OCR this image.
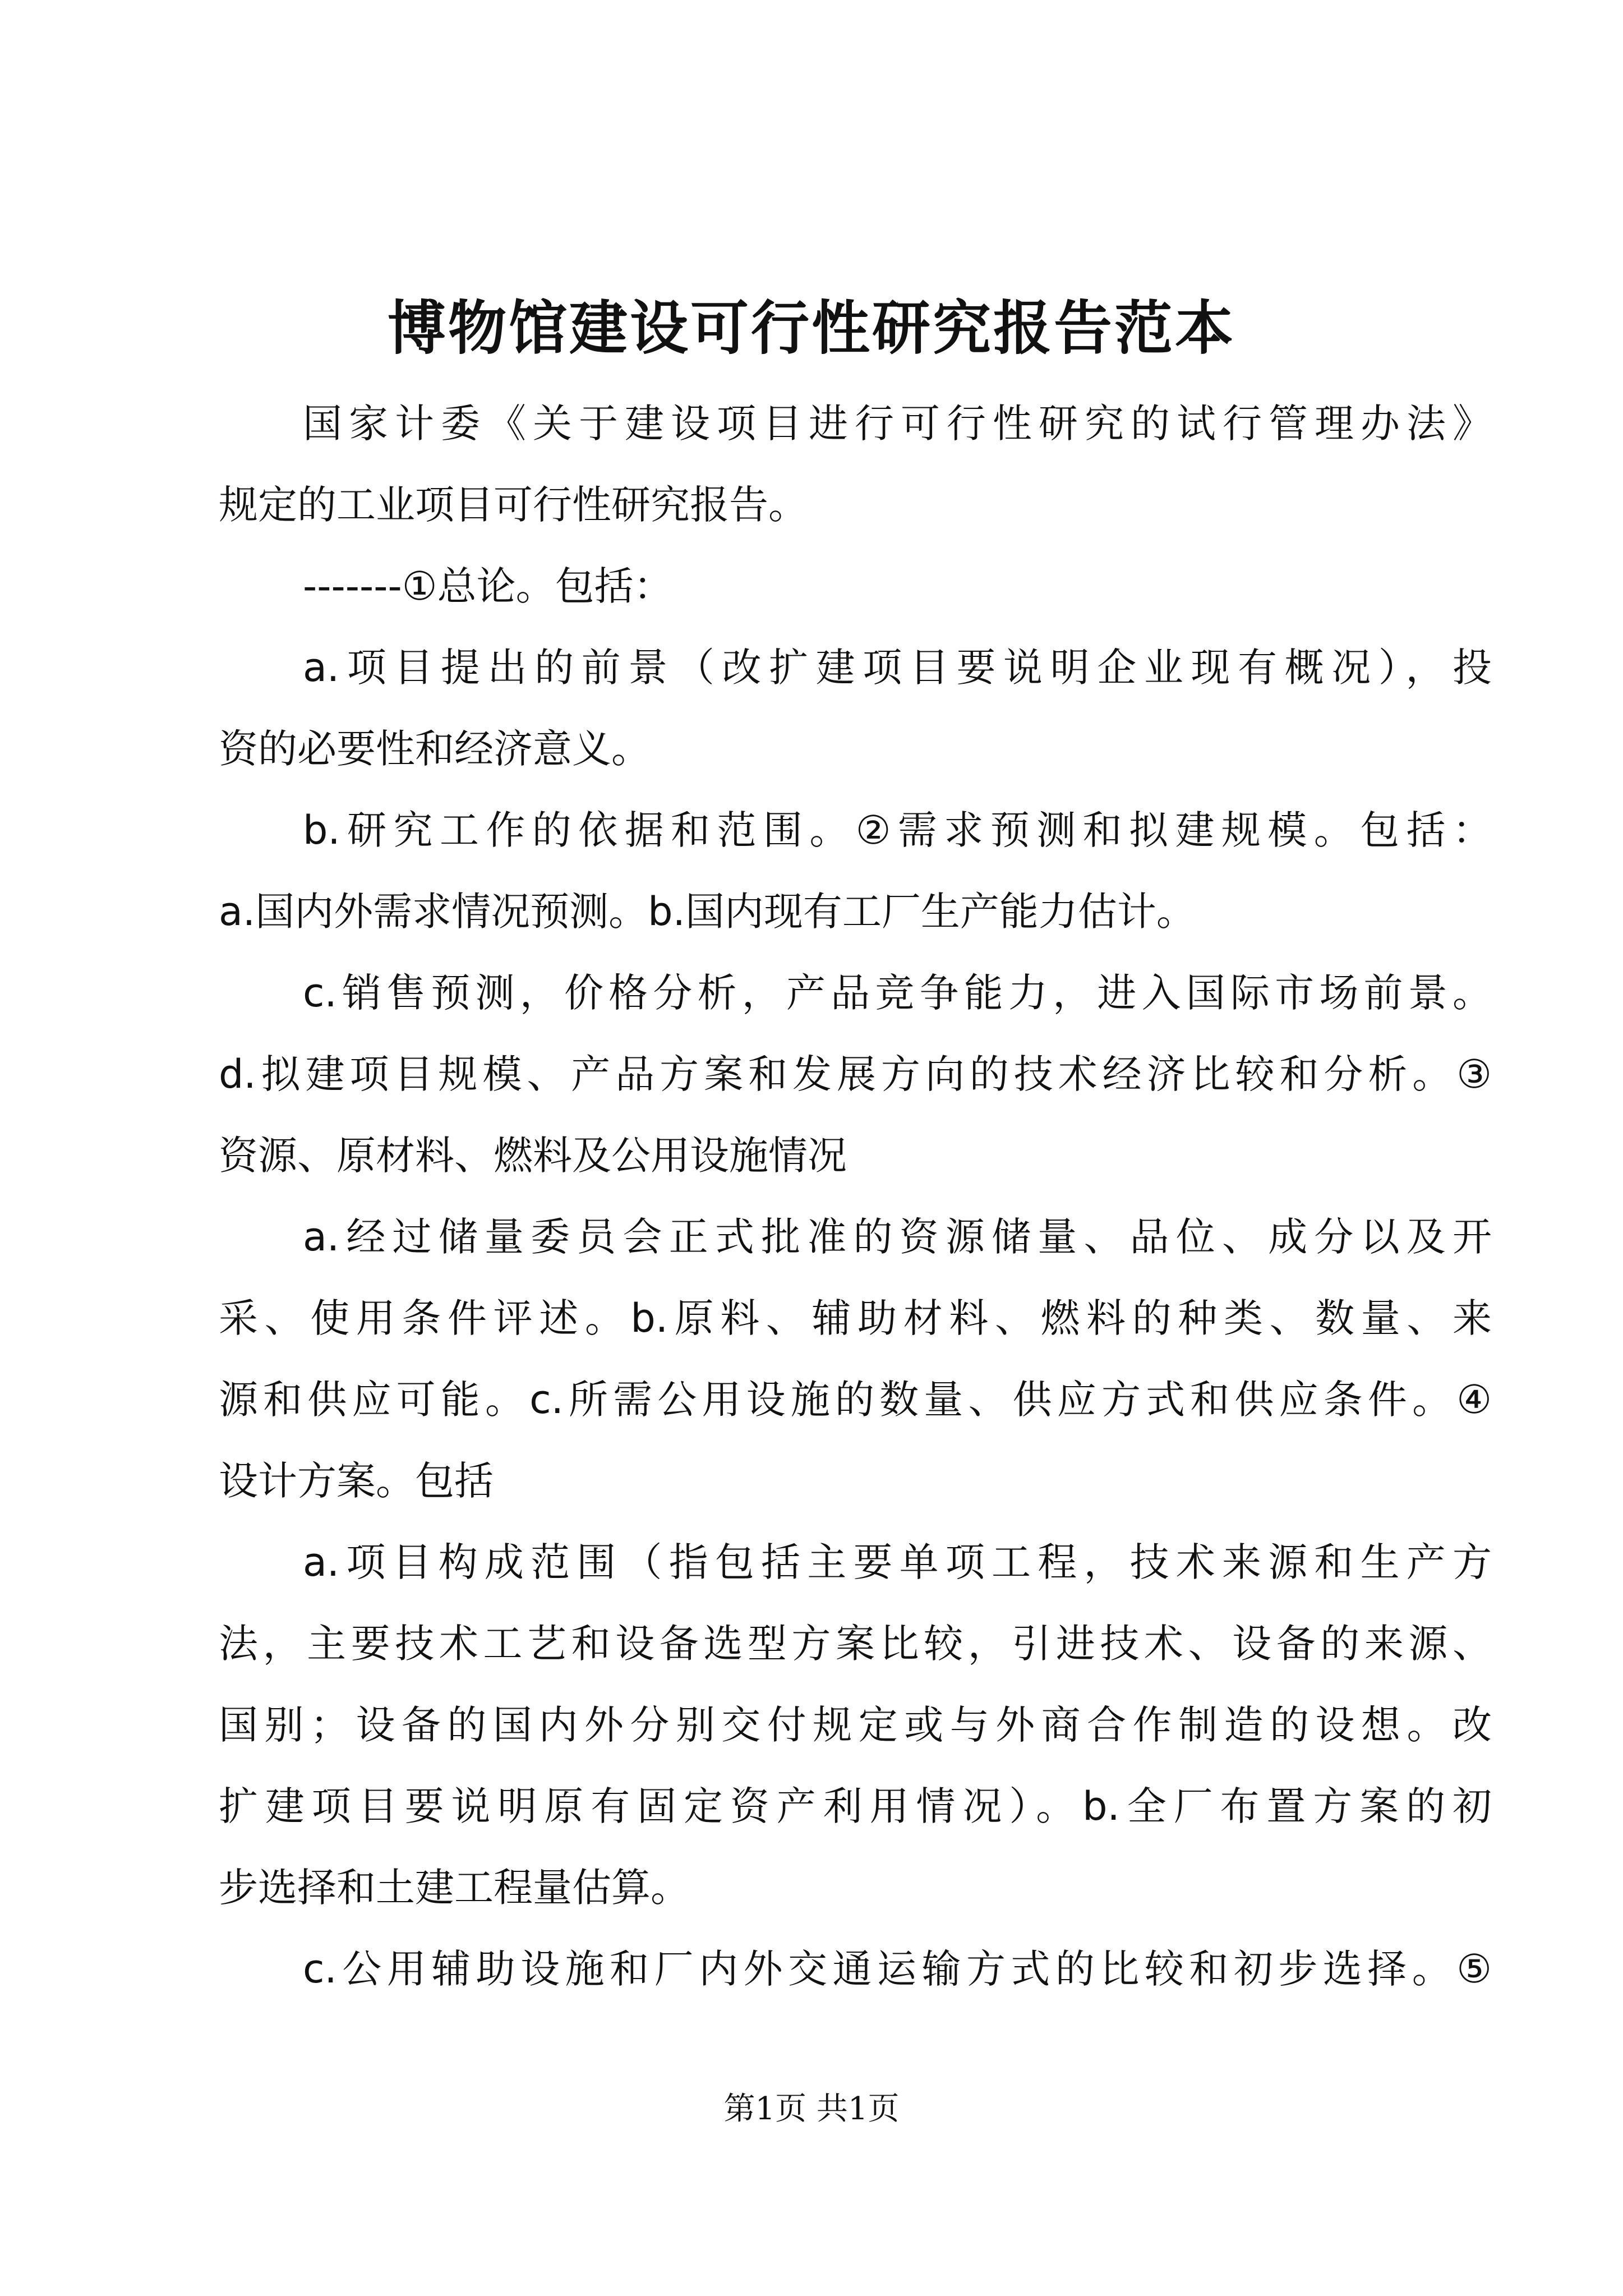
博物馆建设可行性研究报告范本
国家计委《关于建设项目进行可行性研究的试行管理办法》
规定的工业项目可行性研究报告。
-------①总论。包括：
a.项目提出的前景（改扩建项目要说明企业现有概况），投
资的必要性和经济意义。
b.研究工作的依据和范围。②需求预测和拟建规模。包括：
a.国内外需求情况预测。b.国内现有工厂生产能力估计。
c.销售预测，价格分析，产品竞争能力，进入国际市场前景。
d.拟建项目规模、产品方案和发展方向的技术经济比较和分析。③
资源、原材料、燃料及公用设施情况
a.经过储量委员会正式批准的资源储量、品位、成分以及开
采、使用条件评述。b.原料、辅助材料、燃料的种类、数量、来
源和供应可能。c.所需公用设施的数量、供应方式和供应条件。④
设计方案。包括
a.项目构成范围（指包括主要单项工程，技术来源和生产方
法，主要技术工艺和设备选型方案比较，引进技术、设备的来源、
国别；设备的国内外分别交付规定或与外商合作制造的设想。改
扩建项目要说明原有固定资产利用情况）。b.全厂布置方案的初
步选择和土建工程量估算。
c.公用辅助设施和厂内外交通运输方式的比较和初步选择。⑤
第1页 共1页
